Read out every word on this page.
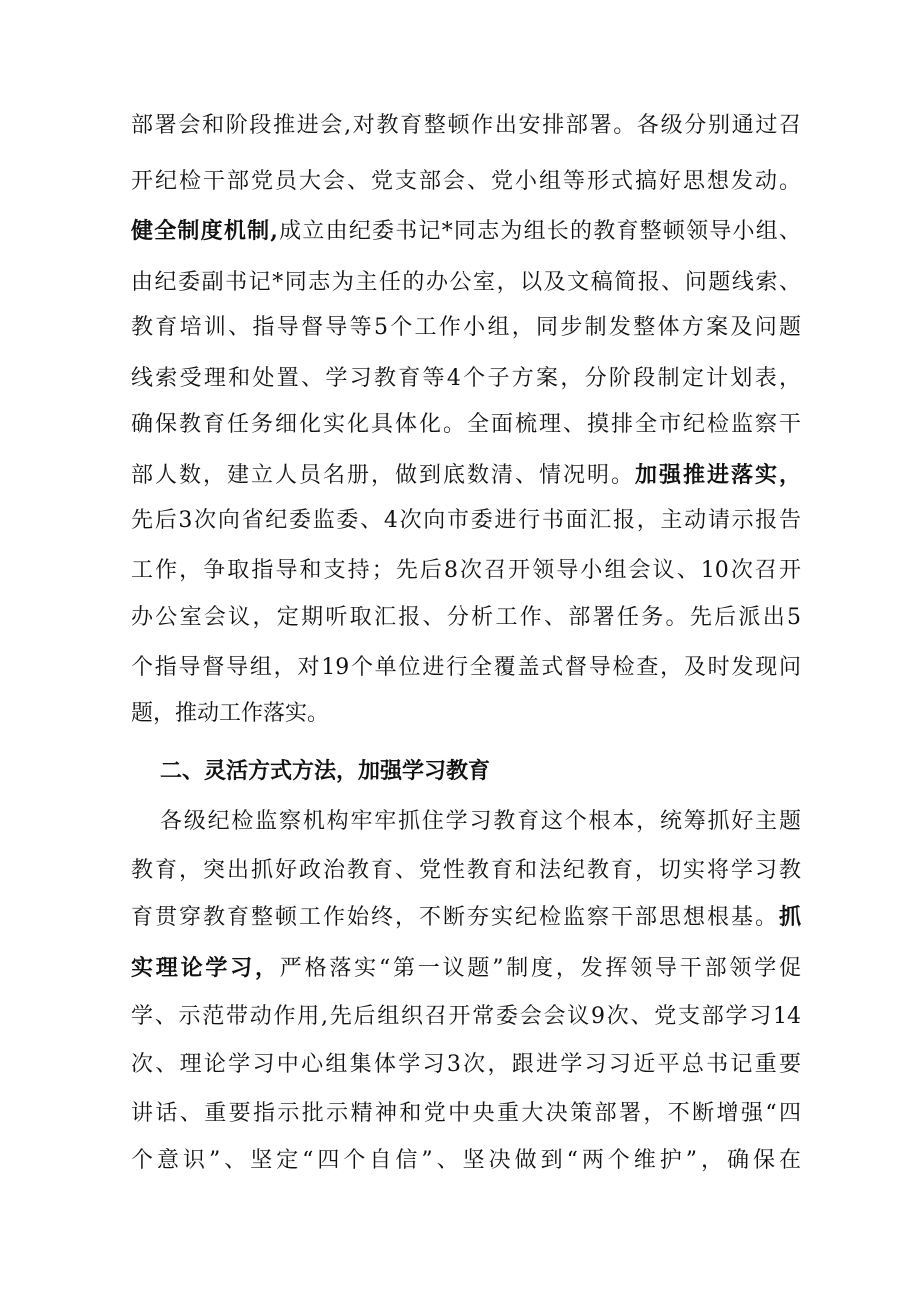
部署会和阶段推进会,对教育整顿作出安排部署。各级分别通过召
开纪检干部党员大会、党支部会、党小组等形式搞好思想发动。
健全制度机制,成立由纪委书记*同志为组长的教育整顿领导小组、
由纪委副书记*同志为主任的办公室，以及文稿简报、问题线索、
教育培训、指导督导等5个工作小组，同步制发整体方案及问题
线索受理和处置、学习教育等4个子方案，分阶段制定计划表，
确保教育任务细化实化具体化。全面梳理、摸排全市纪检监察干
部人数，建立人员名册，做到底数清、情况明。加强推进落实，
先后3次向省纪委监委、4次向市委进行书面汇报，主动请示报告
工作，争取指导和支持；先后8次召开领导小组会议、10次召开
办公室会议，定期听取汇报、分析工作、部署任务。先后派出5
个指导督导组，对19个单位进行全覆盖式督导检查，及时发现问
题，推动工作落实。
二、灵活方式方法，加强学习教育
各级纪检监察机构牢牢抓住学习教育这个根本，统筹抓好主题
教育，突出抓好政治教育、党性教育和法纪教育，切实将学习教
育贯穿教育整顿工作始终，不断夯实纪检监察干部思想根基。抓
实理论学习，严格落实“第一议题”制度，发挥领导干部领学促
学、示范带动作用,先后组织召开常委会会议9次、党支部学习14
次、理论学习中心组集体学习3次，跟进学习习近平总书记重要
讲话、重要指示批示精神和党中央重大决策部署，不断增强“四
个意识”、坚定“四个自信”、坚决做到“两个维护”，确保在
